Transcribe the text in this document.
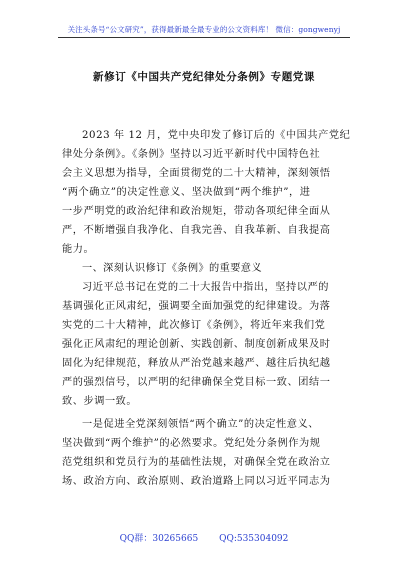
关注头条号“公文研究”，获得最新最全最专业的公文资料库！ 微信：gongwenyj
新修订《中国共产党纪律处分条例》专题党课
2023 年 12 月，党中央印发了修订后的《中国共产党纪
律处分条例》。《条例》坚持以习近平新时代中国特色社
会主义思想为指导，全面贯彻党的二十大精神，深刻领悟
“两个确立”的决定性意义、坚决做到“两个维护”，进
一步严明党的政治纪律和政治规矩，带动各项纪律全面从
严，不断增强自我净化、自我完善、自我革新、自我提高
能力。
一、深刻认识修订《条例》的重要意义
习近平总书记在党的二十大报告中指出，坚持以严的
基调强化正风肃纪，强调要全面加强党的纪律建设。为落
实党的二十大精神，此次修订《条例》，将近年来我们党
强化正风肃纪的理论创新、实践创新、制度创新成果及时
固化为纪律规范，释放从严治党越来越严、越往后执纪越
严的强烈信号，以严明的纪律确保全党目标一致、团结一
致、步调一致。
一是促进全党深刻领悟“两个确立”的决定性意义、
坚决做到“两个维护”的必然要求。党纪处分条例作为规
范党组织和党员行为的基础性法规，对确保全党在政治立
场、政治方向、政治原则、政治道路上同以习近平同志为
QQ群：30265665 QQ:535304092
